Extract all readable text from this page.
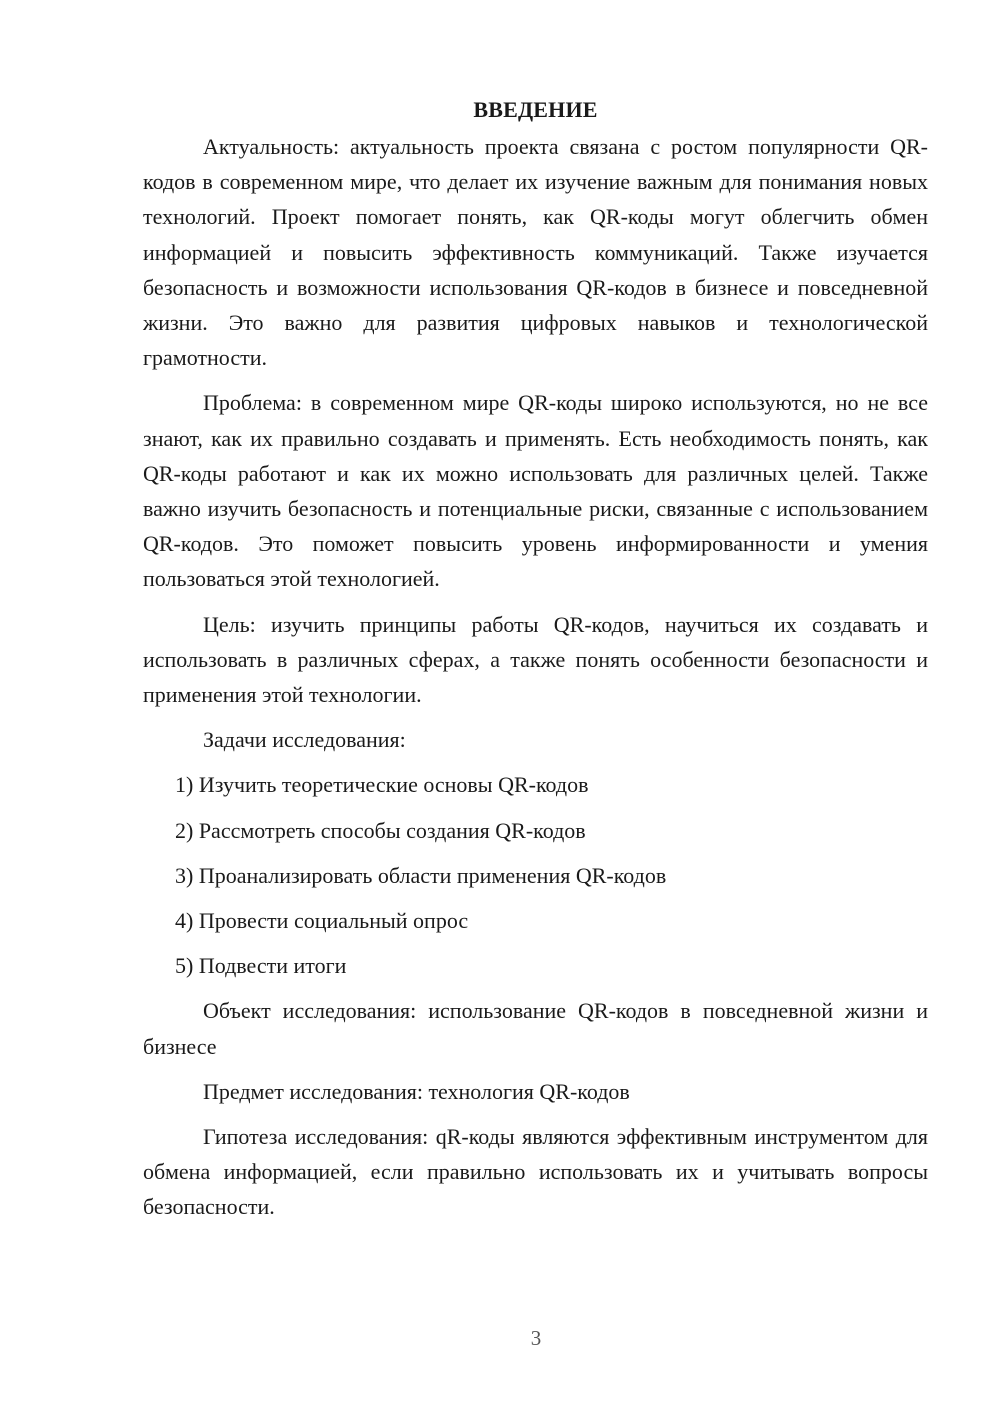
ВВЕДЕНИЕ

Актуальность: актуальность проекта связана с ростом популярности QR-кодов в современном мире, что делает их изучение важным для понимания новых технологий. Проект помогает понять, как QR-коды могут облегчить обмен информацией и повысить эффективность коммуникаций. Также изучается безопасность и возможности использования QR-кодов в бизнесе и повседневной жизни. Это важно для развития цифровых навыков и технологической грамотности.

Проблема: в современном мире QR-коды широко используются, но не все знают, как их правильно создавать и применять. Есть необходимость понять, как QR-коды работают и как их можно использовать для различных целей. Также важно изучить безопасность и потенциальные риски, связанные с использованием QR-кодов. Это поможет повысить уровень информированности и умения пользоваться этой технологией.

Цель: изучить принципы работы QR-кодов, научиться их создавать и использовать в различных сферах, а также понять особенности безопасности и применения этой технологии.

Задачи исследования:

1) Изучить теоретические основы QR-кодов
2) Рассмотреть способы создания QR-кодов
3) Проанализировать области применения QR-кодов
4) Провести социальный опрос
5) Подвести итоги

Объект исследования: использование QR-кодов в повседневной жизни и бизнесе

Предмет исследования: технология QR-кодов

Гипотеза исследования: qR-коды являются эффективным инструментом для обмена информацией, если правильно использовать их и учитывать вопросы безопасности.

3
